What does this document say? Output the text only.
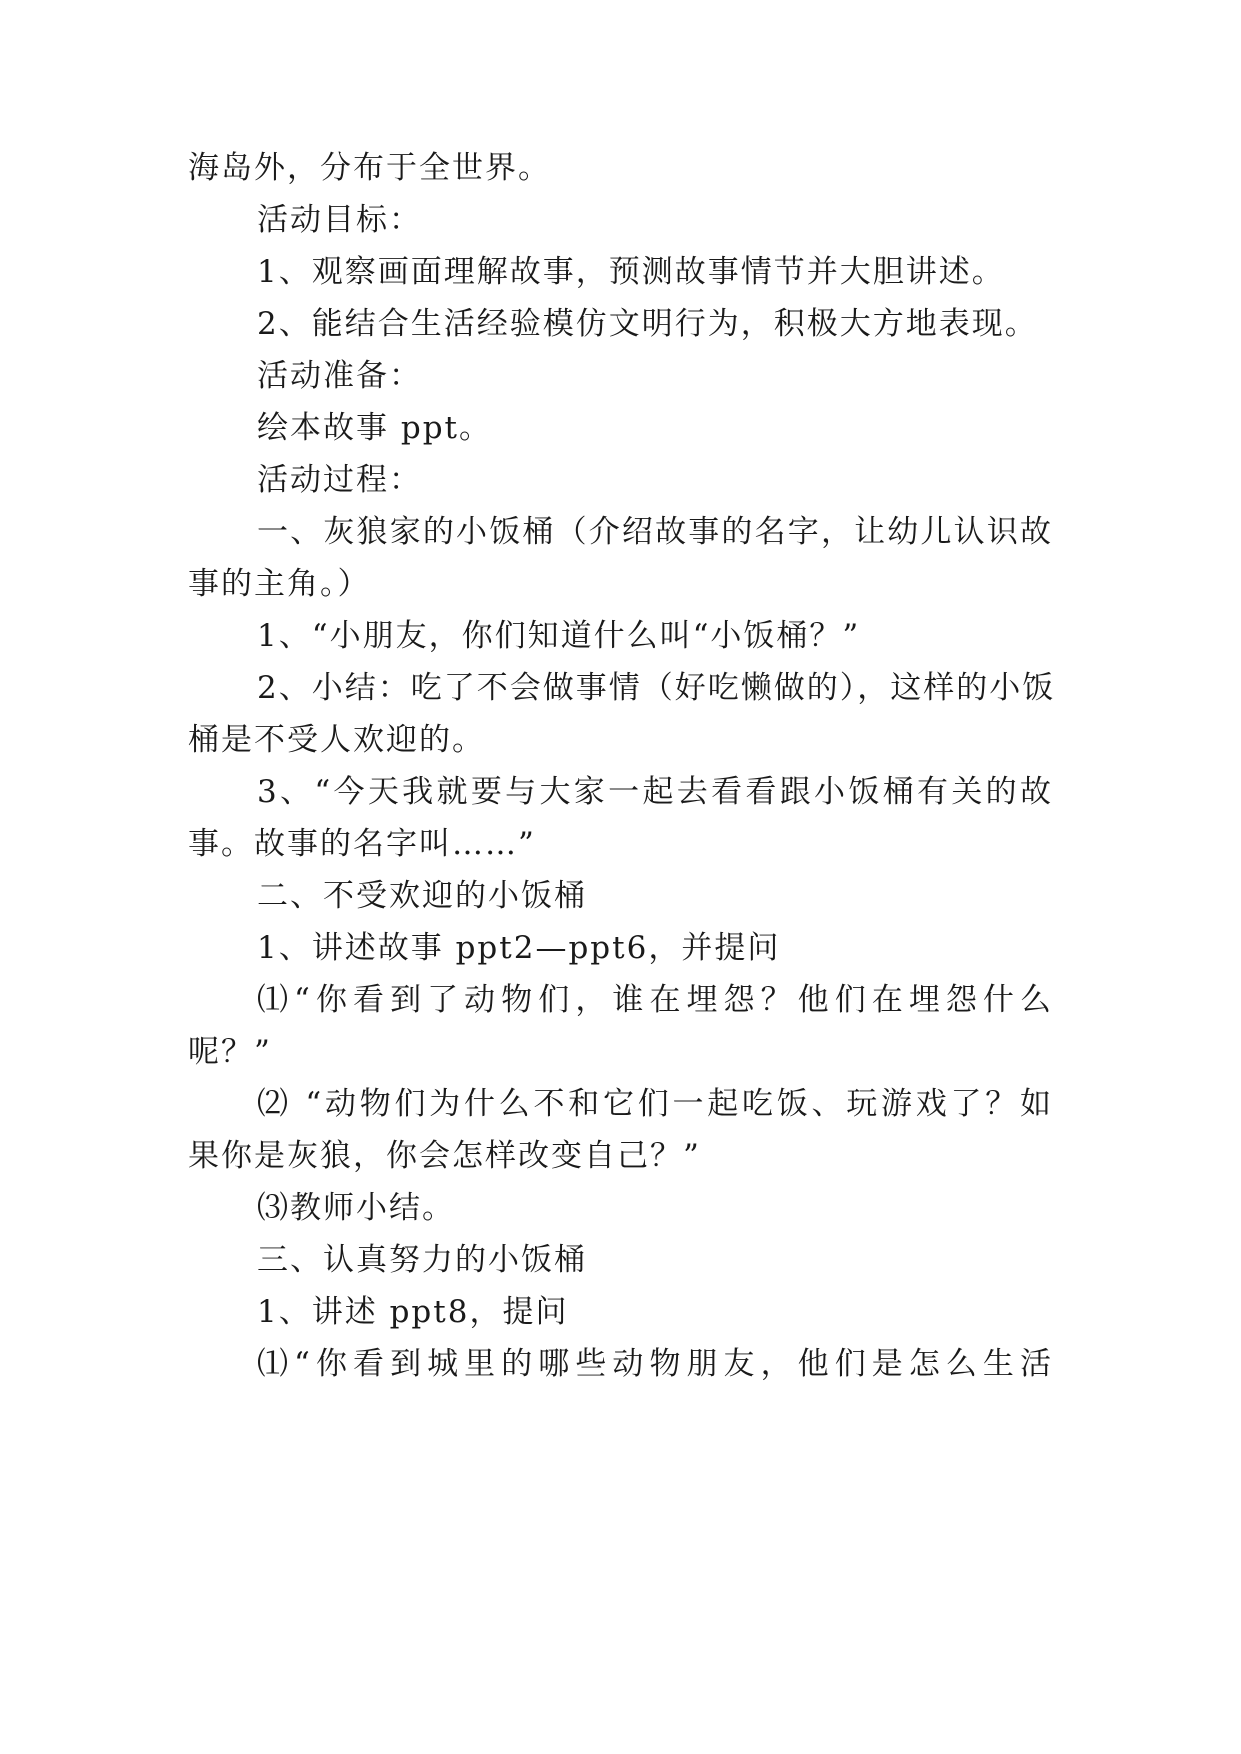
海岛外，分布于全世界。
活动目标：
1、观察画面理解故事，预测故事情节并大胆讲述。
2、能结合生活经验模仿文明行为，积极大方地表现。
活动准备：
绘本故事 ppt。
活动过程：
一、灰狼家的小饭桶（介绍故事的名字，让幼儿认识故
事的主角。）
1、“小朋友，你们知道什么叫“小饭桶？”
2、小结：吃了不会做事情（好吃懒做的），这样的小饭
桶是不受人欢迎的。
3、“今天我就要与大家一起去看看跟小饭桶有关的故
事。故事的名字叫……”
二、不受欢迎的小饭桶
1、讲述故事 ppt2—ppt6，并提问
⑴“你看到了动物们，谁在埋怨？他们在埋怨什么
呢？”
⑵ “动物们为什么不和它们一起吃饭、玩游戏了？如
果你是灰狼，你会怎样改变自己？”
⑶教师小结。
三、认真努力的小饭桶
1、讲述 ppt8，提问
⑴“你看到城里的哪些动物朋友，他们是怎么生活
